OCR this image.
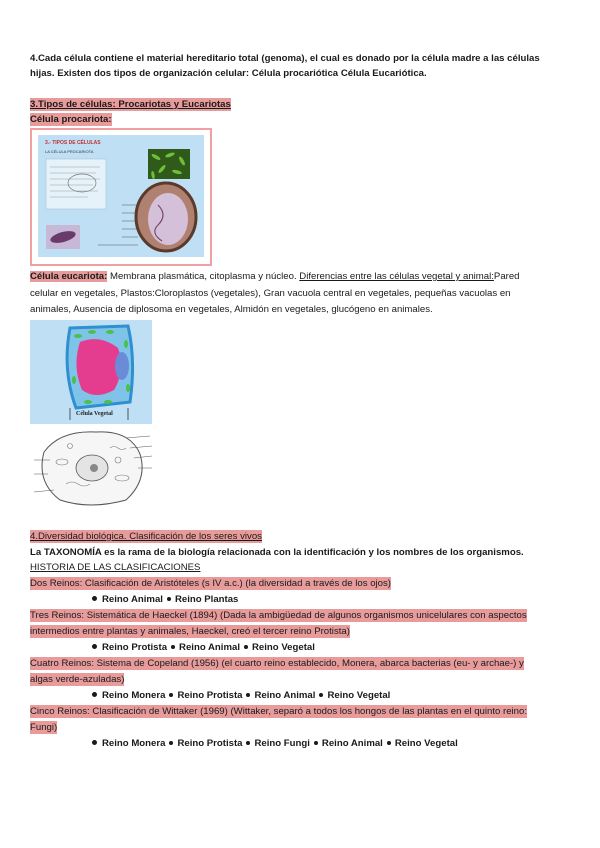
4.Cada célula contiene el material hereditario total (genoma), el cual es donado por la célula madre a las células
hijas. Existen dos tipos de organización celular: Célula procariótica Célula Eucariótica.
3.Tipos de células: Procariotas y Eucariotas
Célula procariota:
3.- TIPOS DE CÉLULAS
LA CÉLULA PROCARIOTA
Célula eucariota: Membrana plasmática, citoplasma y núcleo. Diferencias entre las células vegetal y animal:Pared
celular en vegetales, Plastos:Cloroplastos (vegetales), Gran vacuola central en vegetales, pequeñas vacuolas en
animales, Ausencia de diplosoma en vegetales, Almidón en vegetales, glucógeno en animales.
Célula Vegetal
4.Diversidad biológica. Clasificación de los seres vivos
La TAXONOMÍA es la rama de la biología relacionada con la identificación y los nombres de los organismos.
HISTORIA DE LAS CLASIFICACIONES
Dos Reinos: Clasificación de Aristóteles (s IV a.c.) (la diversidad a través de los ojos)
Reino Animal Reino Plantas
Tres Reinos: Sistemática de Haeckel (1894) (Dada la ambigüedad de algunos organismos unicelulares con aspectos
intermedios entre plantas y animales, Haeckel, creó el tercer reino Protista)
Reino Protista Reino Animal Reino Vegetal
Cuatro Reinos: Sistema de Copeland (1956) (el cuarto reino establecido, Monera, abarca bacterias (eu- y archae-) y
algas verde-azuladas)
Reino Monera Reino Protista Reino Animal Reino Vegetal
Cinco Reinos: Clasificación de Wittaker (1969) (Wittaker, separó a todos los hongos de las plantas en el quinto reino:
Fungi)
Reino Monera Reino Protista Reino Fungi Reino Animal Reino Vegetal
